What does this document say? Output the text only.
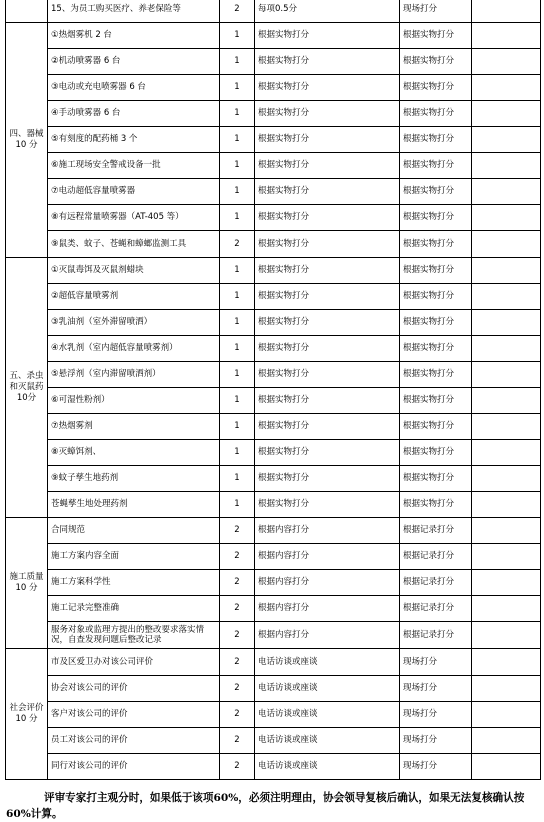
	15、为员工购买医疗、养老保险等	2	每项0.5分	现场打分	
四、器械 10 分	①热烟雾机 2 台	1	根据实物打分	根据实物打分	
	②机动喷雾器 6 台	1	根据实物打分	根据实物打分	
	③电动或充电喷雾器 6 台	1	根据实物打分	根据实物打分	
	④手动喷雾器 6 台	1	根据实物打分	根据实物打分	
	⑤有刻度的配药桶 3 个	1	根据实物打分	根据实物打分	
	⑥施工现场安全警戒设备一批	1	根据实物打分	根据实物打分	
	⑦电动超低容量喷雾器	1	根据实物打分	根据实物打分	
	⑧有远程常量喷雾器（AT-405 等）	1	根据实物打分	根据实物打分	
	⑨鼠类、蚊子、苍蝇和蟑螂监测工具	2	根据实物打分	根据实物打分	
五、杀虫和灭鼠药10分	①灭鼠毒饵及灭鼠剂蜡块	1	根据实物打分	根据实物打分	
	②超低容量喷雾剂	1	根据实物打分	根据实物打分	
	③乳油剂（室外滞留喷洒）	1	根据实物打分	根据实物打分	
	④水乳剂（室内超低容量喷雾剂）	1	根据实物打分	根据实物打分	
	⑤悬浮剂（室内滞留喷洒剂）	1	根据实物打分	根据实物打分	
	⑥可湿性粉剂）	1	根据实物打分	根据实物打分	
	⑦热烟雾剂	1	根据实物打分	根据实物打分	
	⑧灭蟑饵剂、	1	根据实物打分	根据实物打分	
	⑨蚊子孳生地药剂	1	根据实物打分	根据实物打分	
	苍蝇孳生地处理药剂	1	根据实物打分	根据实物打分	
施工质量 10 分	合同规范	2	根据内容打分	根据记录打分	
	施工方案内容全面	2	根据内容打分	根据记录打分	
	施工方案科学性	2	根据内容打分	根据记录打分	
	施工记录完整准确	2	根据内容打分	根据记录打分	
	服务对象或监理方提出的整改要求落实情况，自查发现问题后整改记录	2	根据内容打分	根据记录打分	
社会评价 10 分	市及区爱卫办对该公司评价	2	电话访谈或座谈	现场打分	
	协会对该公司的评价	2	电话访谈或座谈	现场打分	
	客户对该公司的评价	2	电话访谈或座谈	现场打分	
	员工对该公司的评价	2	电话访谈或座谈	现场打分	
	同行对该公司的评价	2	电话访谈或座谈	现场打分	

评审专家打主观分时，如果低于该项60%，必须注明理由，协会领导复核后确认，如果无法复核确认按60%计算。
